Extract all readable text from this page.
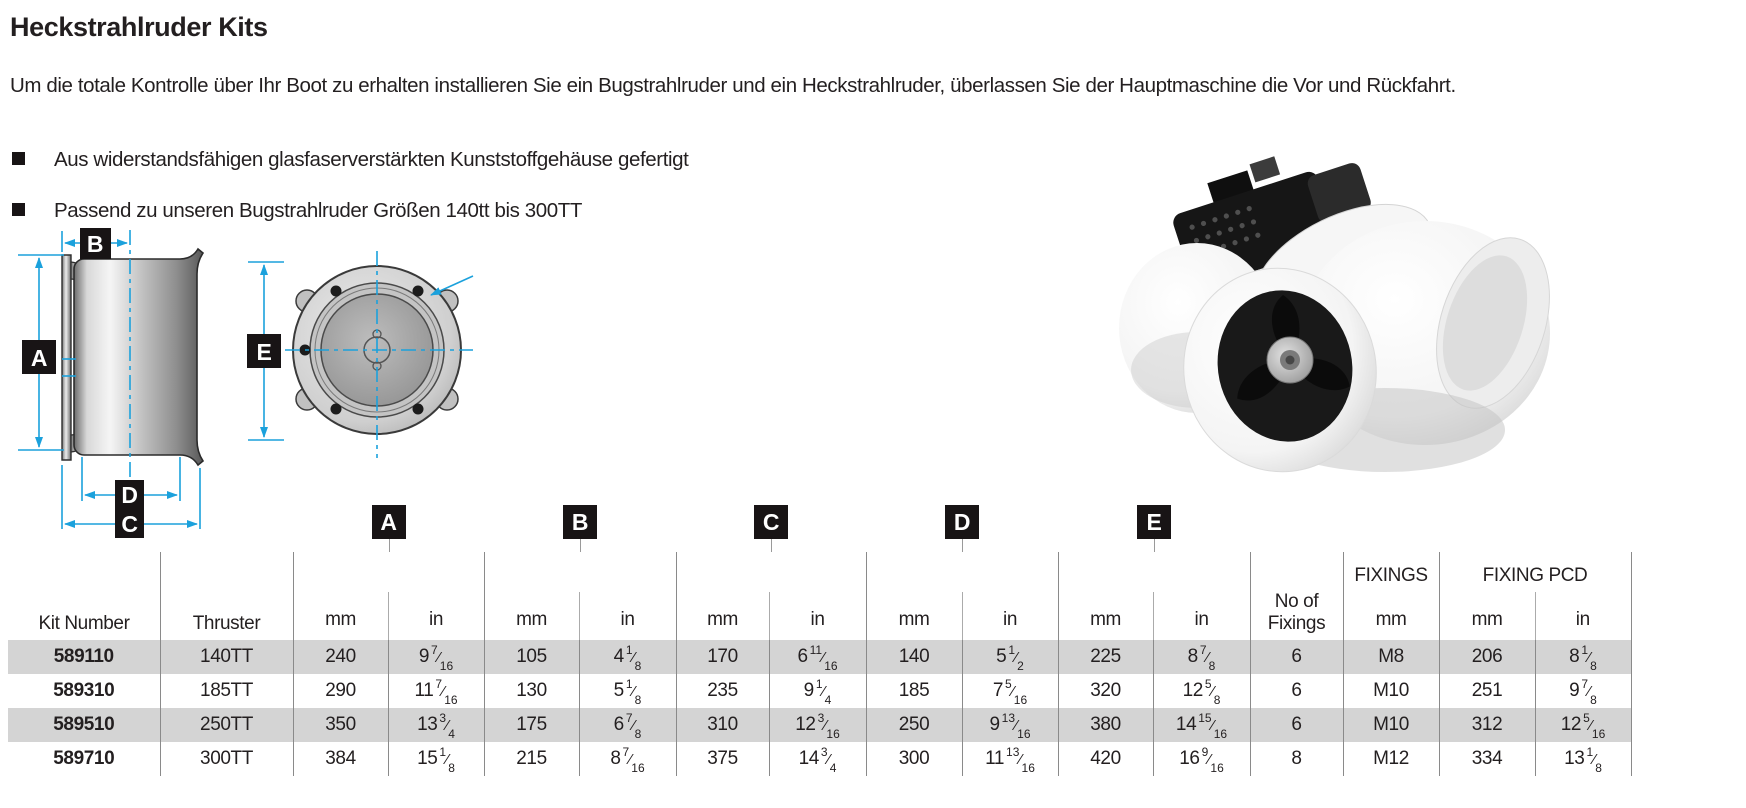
Heckstrahlruder Kits

Um die totale Kontrolle über Ihr Boot zu erhalten installieren Sie ein Bugstrahlruder und ein Heckstrahlruder, überlassen Sie der Hauptmaschine die Vor und Rückfahrt.

Aus widerstandsfähigen glasfaserverstärkten Kunststoffgehäuse gefertigt
Passend zu unseren Bugstrahlruder Größen 140tt bis 300TT
A
B
D
C
E
Kit Number	Thruster	A		B		C		D		E		No of Fixings	FIXINGS	FIXING PCD	
		mm	in	mm	in	mm	in	mm	in	mm	in		mm	mm	in
589110	140TT	240	9 $^7⁄_{16}$	105	4 $^1⁄_8$	170	6 $^{11}⁄_{16}$	140	5 $^1⁄_2$	225	8 $^7⁄_8$	6	M8	206	8 $^1⁄_8$
589310	185TT	290	11 $^7⁄_{16}$	130	5 $^1⁄_8$	235	9 $^1⁄_4$	185	7 $^5⁄_{16}$	320	12 $^5⁄_8$	6	M10	251	9 $^7⁄_8$
589510	250TT	350	13 $^3⁄_4$	175	6 $^7⁄_8$	310	12 $^3⁄_{16}$	250	9 $^{13}⁄_{16}$	380	14 $^{15}⁄_{16}$	6	M10	312	12 $^5⁄_{16}$
589710	300TT	384	15 $^1⁄_8$	215	8 $^7⁄_{16}$	375	14 $^3⁄_4$	300	11 $^{13}⁄_{16}$	420	16 $^9⁄_{16}$	8	M12	334	13 $^1⁄_8$
